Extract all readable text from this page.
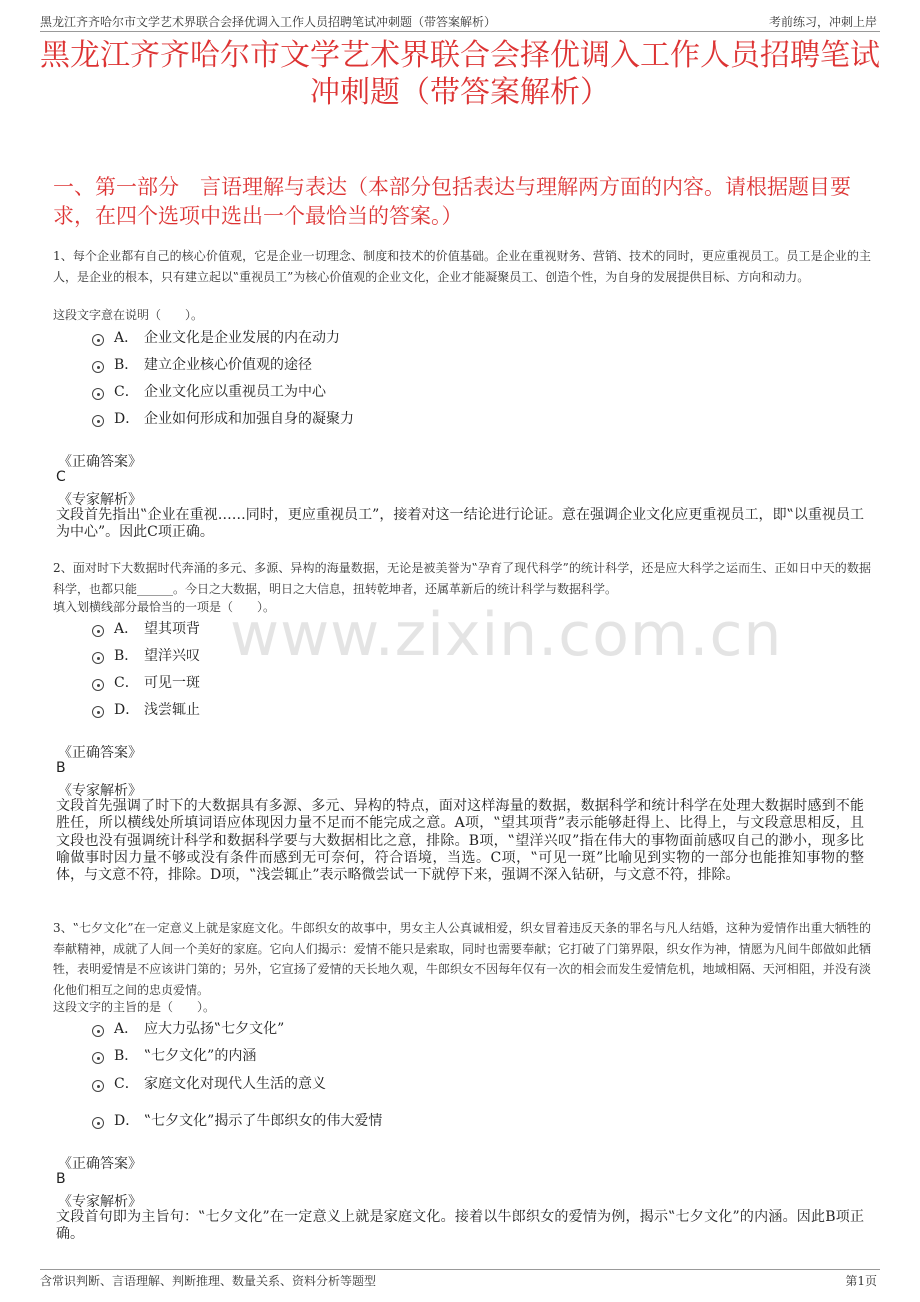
黑龙江齐齐哈尔市文学艺术界联合会择优调入工作人员招聘笔试冲刺题（带答案解析）	考前练习，冲刺上岸
黑龙江齐齐哈尔市文学艺术界联合会择优调入工作人员招聘笔试冲刺题（带答案解析）
一、第一部分　言语理解与表达（本部分包括表达与理解两方面的内容。请根据题目要求，在四个选项中选出一个最恰当的答案。）
www.zixin.com.cn
1、每个企业都有自己的核心价值观，它是企业一切理念、制度和技术的价值基础。企业在重视财务、营销、技术的同时，更应重视员工。员工是企业的主人，是企业的根本，只有建立起以‟重视员工”为核心价值观的企业文化，企业才能凝聚员工、创造个性，为自身的发展提供目标、方向和动力。
这段文字意在说明（　　）。
A． 企业文化是企业发展的内在动力
B． 建立企业核心价值观的途径
C． 企业文化应以重视员工为中心
D． 企业如何形成和加强自身的凝聚力
《正确答案》
C
《专家解析》
文段首先指出‟企业在重视……同时，更应重视员工”，接着对这一结论进行论证。意在强调企业文化应更重视员工，即‟以重视员工为中心”。因此C项正确。
2、面对时下大数据时代奔涌的多元、多源、异构的海量数据，无论是被美誉为‟孕育了现代科学”的统计科学，还是应大科学之运而生、正如日中天的数据科学，也都只能______。今日之大数据，明日之大信息，扭转乾坤者，还属革新后的统计科学与数据科学。
填入划横线部分最恰当的一项是（　　）。
A． 望其项背
B． 望洋兴叹
C． 可见一斑
D． 浅尝辄止
《正确答案》
B
《专家解析》
文段首先强调了时下的大数据具有多源、多元、异构的特点，面对这样海量的数据，数据科学和统计科学在处理大数据时感到不能胜任，所以横线处所填词语应体现因力量不足而不能完成之意。A项，‟望其项背”表示能够赶得上、比得上，与文段意思相反，且文段也没有强调统计科学和数据科学要与大数据相比之意，排除。B项，‟望洋兴叹”指在伟大的事物面前感叹自己的渺小，现多比喻做事时因力量不够或没有条件而感到无可奈何，符合语境，当选。C项，‟可见一斑”比喻见到实物的一部分也能推知事物的整体，与文意不符，排除。D项，‟浅尝辄止”表示略微尝试一下就停下来，强调不深入钻研，与文意不符，排除。
3、‟七夕文化”在一定意义上就是家庭文化。牛郎织女的故事中，男女主人公真诚相爱，织女冒着违反天条的罪名与凡人结婚，这种为爱情作出重大牺牲的奉献精神，成就了人间一个美好的家庭。它向人们揭示：爱情不能只是索取，同时也需要奉献；它打破了门第界限，织女作为神，情愿为凡间牛郎做如此牺牲，表明爱情是不应该讲门第的；另外，它宣扬了爱情的天长地久观，牛郎织女不因每年仅有一次的相会而发生爱情危机，地域相隔、天河相阻，并没有淡化他们相互之间的忠贞爱情。
这段文字的主旨的是（　　）。
A． 应大力弘扬‟七夕文化”
B． ‟七夕文化”的内涵
C． 家庭文化对现代人生活的意义
D． ‟七夕文化”揭示了牛郎织女的伟大爱情
《正确答案》
B
《专家解析》
文段首句即为主旨句：‟七夕文化”在一定意义上就是家庭文化。接着以牛郎织女的爱情为例，揭示‟七夕文化”的内涵。因此B项正确。
含常识判断、言语理解、判断推理、数量关系、资料分析等题型	第1页
